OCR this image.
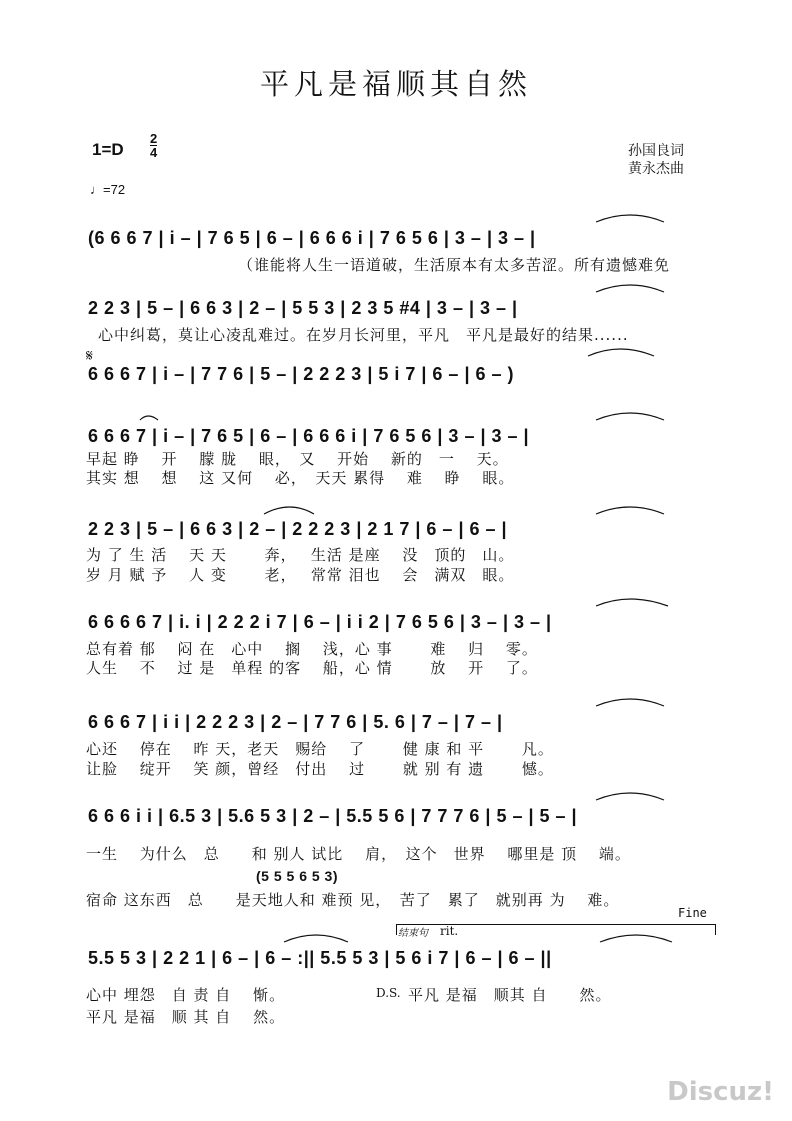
平凡是福顺其自然
1=D
2
4	孙国良词
黄永杰曲
♩=72
(6 6 6 7 | i – | 7 6 5 | 6 – | 6 6 6 i | 7 6 5 6 | 3 – | 3 – |
（谁能将人生一语道破，生活原本有太多苦涩。所有遗憾难免
2 2 3 | 5 – | 6 6 3 | 2 – | 5 5 3 | 2 3 5 #4 | 3 – | 3 – |
心中纠葛，莫让心凌乱难过。在岁月长河里，平凡　平凡是最好的结果......
𝄋
6 6 6 7 | i – | 7 7 6 | 5 – | 2 2 2 3 | 5 i 7 | 6 – | 6 – )
6 6 6 7 | i – | 7 6 5 | 6 – | 6 6 6 i | 7 6 5 6 | 3 – | 3 – |
早起 睁　 开　 朦 胧　 眼，　又　 开始　 新的　一　 天。
其实 想　 想　 这 又何　 必，　天天 累得　 难　 睁　 眼。
2 2 3 | 5 – | 6 6 3 | 2 – | 2 2 2 3 | 2 1 7 | 6 – | 6 – |
为 了 生 活　 天 天　　 奔，　 生活 是座　 没　顶的　山。
岁 月 赋 予　 人 变　　 老，　 常常 泪也　 会　满双　眼。
6 6 6 6 7 | i. i | 2 2 2 i 7 | 6 – | i i 2 | 7 6 5 6 | 3 – | 3 – |
总有着 郁　 闷 在　心中　 搁　 浅，心 事　　 难　 归　 零。
人生　 不　 过 是　单程 的客　 船，心 情　　 放　 开　 了。
6 6 6 7 | i i | 2 2 2 3 | 2 – | 7 7 6 | 5. 6 | 7 – | 7 – |
心还　 停在　 昨 天，老天　赐给　 了　　 健 康 和 平　　 凡。
让脸　 绽开　 笑 颜，曾经　付出　 过　　 就 别 有 遗　　 憾。
6 6 6 i i | 6.5 3 | 5.6 5 3 | 2 – | 5.5 5 6 | 7 7 7 6 | 5 – | 5 – |
一生　 为什么　总　　和 别人 试比　 肩，　这个　世界　 哪里是 顶　 端。
(5 5 5 6 5 3)
宿命 这东西　总　　是天地人和 难预 见，　苦了　累了　就别再 为　 难。
结束句 rit.
Fine
5.5 5 3 | 2 2 1 | 6 – | 6 – :|| 5.5 5 3 | 5 6 i 7 | 6 – | 6 – ||
心中 埋怨　自 责 自　 惭。	D.S. 平凡 是福　顺其 自　　然。
平凡 是福　顺 其 自　 然。
Discuz!
